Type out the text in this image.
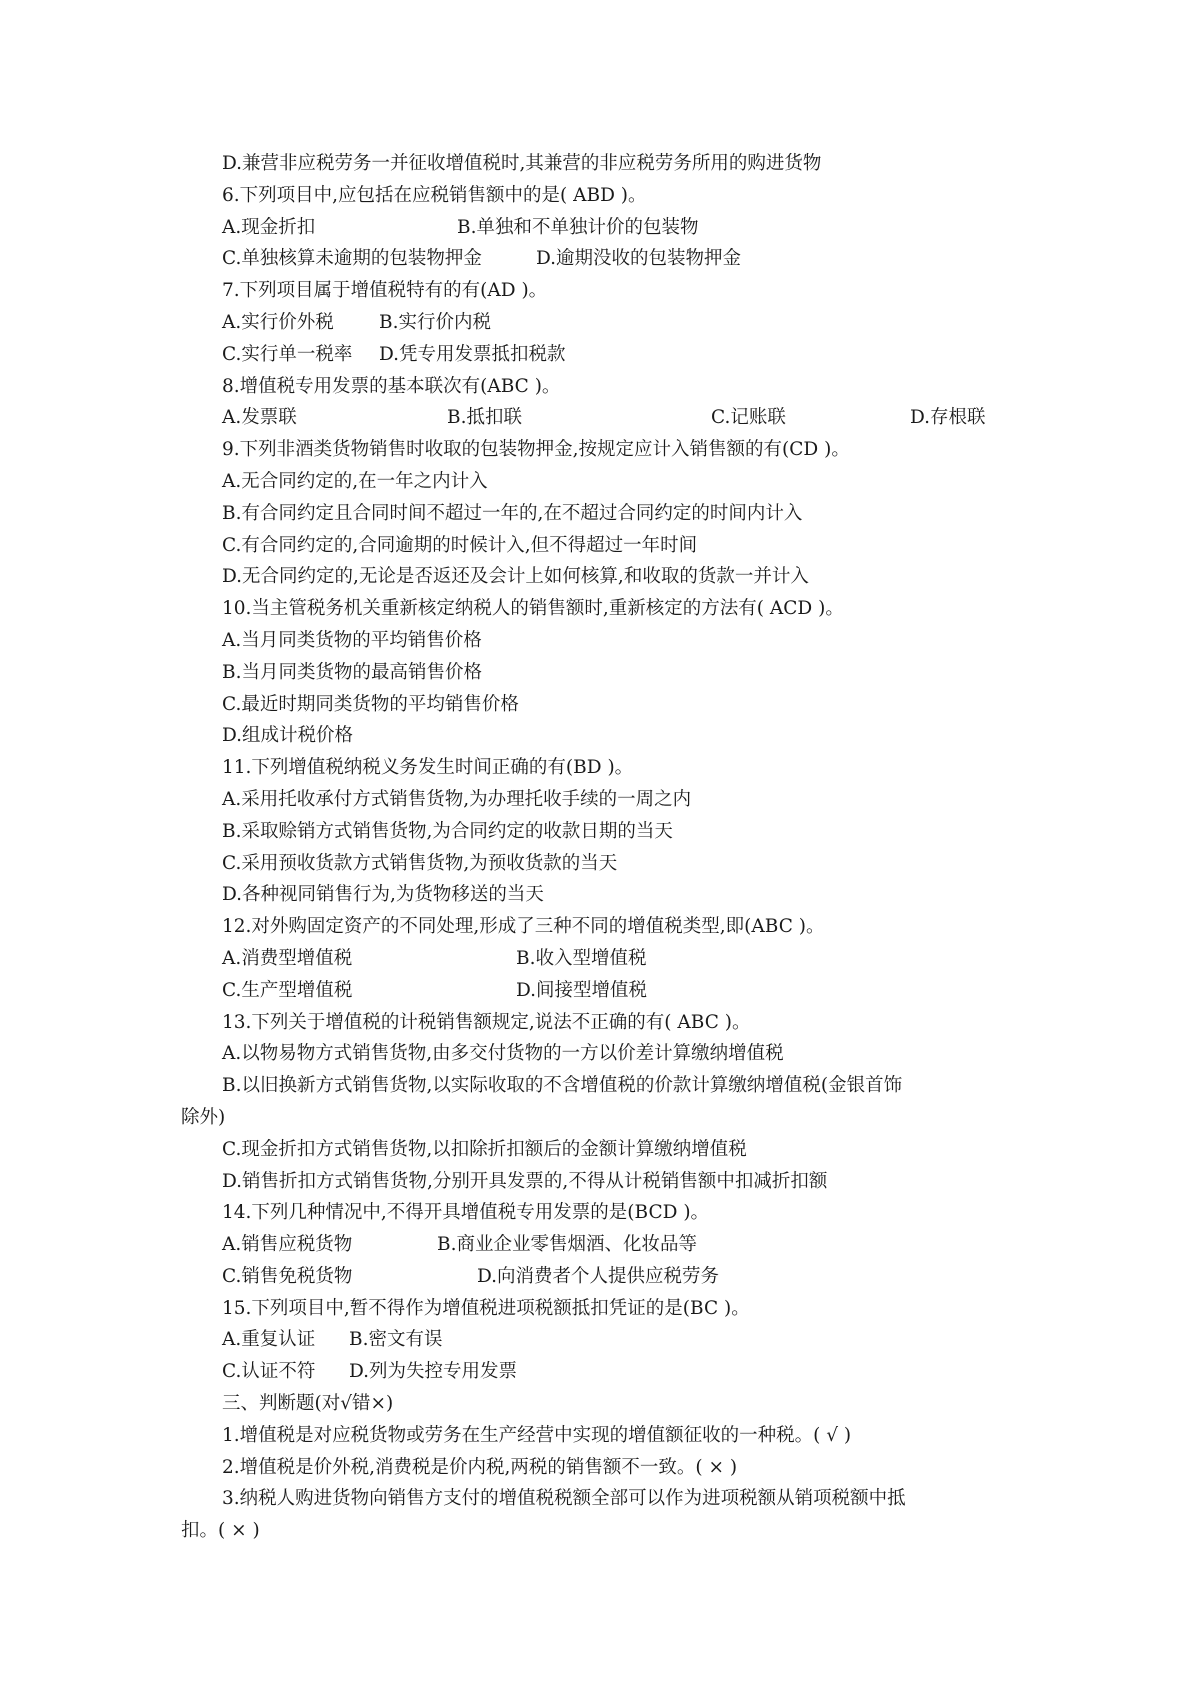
D.兼营非应税劳务一并征收增值税时,其兼营的非应税劳务所用的购进货物
6.下列项目中,应包括在应税销售额中的是( ABD )。
A.现金折扣	B.单独和不单独计价的包装物
C.单独核算未逾期的包装物押金	D.逾期没收的包装物押金
7.下列项目属于增值税特有的有(AD )。
A.实行价外税	B.实行价内税
C.实行单一税率	D.凭专用发票抵扣税款
8.增值税专用发票的基本联次有(ABC )。
A.发票联	B.抵扣联	C.记账联	D.存根联
9.下列非酒类货物销售时收取的包装物押金,按规定应计入销售额的有(CD )。
A.无合同约定的,在一年之内计入
B.有合同约定且合同时间不超过一年的,在不超过合同约定的时间内计入
C.有合同约定的,合同逾期的时候计入,但不得超过一年时间
D.无合同约定的,无论是否返还及会计上如何核算,和收取的货款一并计入
10.当主管税务机关重新核定纳税人的销售额时,重新核定的方法有( ACD )。
A.当月同类货物的平均销售价格
B.当月同类货物的最高销售价格
C.最近时期同类货物的平均销售价格
D.组成计税价格
11.下列增值税纳税义务发生时间正确的有(BD )。
A.采用托收承付方式销售货物,为办理托收手续的一周之内
B.采取赊销方式销售货物,为合同约定的收款日期的当天
C.采用预收货款方式销售货物,为预收货款的当天
D.各种视同销售行为,为货物移送的当天
12.对外购固定资产的不同处理,形成了三种不同的增值税类型,即(ABC )。
A.消费型增值税	B.收入型增值税
C.生产型增值税	D.间接型增值税
13.下列关于增值税的计税销售额规定,说法不正确的有( ABC )。
A.以物易物方式销售货物,由多交付货物的一方以价差计算缴纳增值税
B.以旧换新方式销售货物,以实际收取的不含增值税的价款计算缴纳增值税(金银首饰
除外)
C.现金折扣方式销售货物,以扣除折扣额后的金额计算缴纳增值税
D.销售折扣方式销售货物,分别开具发票的,不得从计税销售额中扣减折扣额
14.下列几种情况中,不得开具增值税专用发票的是(BCD )。
A.销售应税货物	B.商业企业零售烟酒、化妆品等
C.销售免税货物	D.向消费者个人提供应税劳务
15.下列项目中,暂不得作为增值税进项税额抵扣凭证的是(BC )。
A.重复认证	B.密文有误
C.认证不符	D.列为失控专用发票
三、判断题(对√错×)
1.增值税是对应税货物或劳务在生产经营中实现的增值额征收的一种税。( √ )
2.增值税是价外税,消费税是价内税,两税的销售额不一致。( × )
3.纳税人购进货物向销售方支付的增值税税额全部可以作为进项税额从销项税额中抵
扣。( × )
